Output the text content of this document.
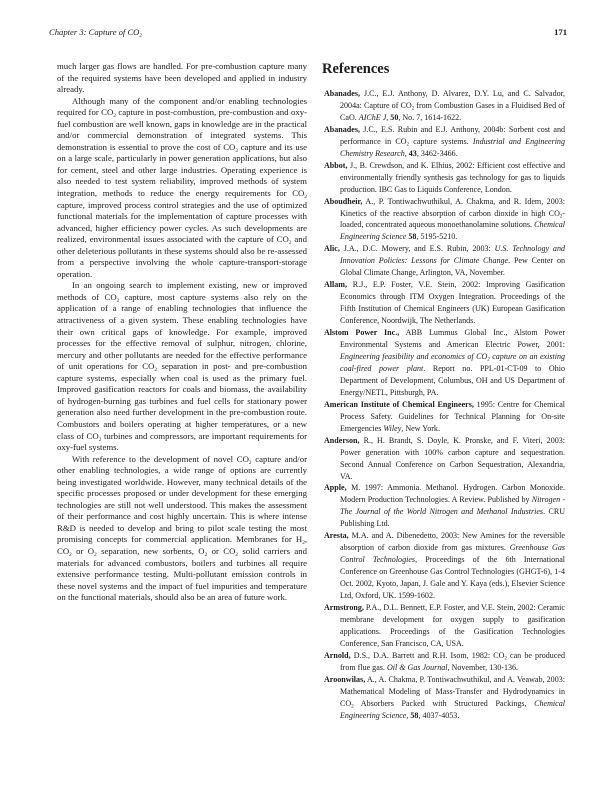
Chapter 3: Capture of $CO_2$	171

much larger gas flows are handled. For pre-combustion capture many of the required systems have been developed and applied in industry already.

Although many of the component and/or enabling technologies required for $CO_2$ capture in post-combustion, pre-combustion and oxy-fuel combustion are well known, gaps in knowledge are in the practical and/or commercial demonstration of integrated systems. This demonstration is essential to prove the cost of $CO_2$ capture and its use on a large scale, particularly in power generation applications, but also for cement, steel and other large industries. Operating experience is also needed to test system reliability, improved methods of system integration, methods to reduce the energy requirements for $CO_2$ capture, improved process control strategies and the use of optimized functional materials for the implementation of capture processes with advanced, higher efficiency power cycles. As such developments are realized, environmental issues associated with the capture of $CO_2$ and other deleterious pollutants in these systems should also be re-assessed from a perspective involving the whole capture-transport-storage operation.

In an ongoing search to implement existing, new or improved methods of $CO_2$ capture, most capture systems also rely on the application of a range of enabling technologies that influence the attractiveness of a given system. These enabling technologies have their own critical gaps of knowledge. For example, improved processes for the effective removal of sulphur, nitrogen, chlorine, mercury and other pollutants are needed for the effective performance of unit operations for $CO_2$ separation in post- and pre-combustion capture systems, especially when coal is used as the primary fuel. Improved gasification reactors for coals and biomass, the availability of hydrogen-burning gas turbines and fuel cells for stationary power generation also need further development in the pre-combustion route. Combustors and boilers operating at higher temperatures, or a new class of $CO_2$ turbines and compressors, are important requirements for oxy-fuel systems.

With reference to the development of novel $CO_2$ capture and/or other enabling technologies, a wide range of options are currently being investigated worldwide. However, many technical details of the specific processes proposed or under development for these emerging technologies are still not well understood. This makes the assessment of their performance and cost highly uncertain. This is where intense R&D is needed to develop and bring to pilot scale testing the most promising concepts for commercial application. Membranes for $H_2$, $CO_2$ or $O_2$ separation, new sorbents, $O_2$ or $CO_2$ solid carriers and materials for advanced combustors, boilers and turbines all require extensive performance testing. Multi-pollutant emission controls in these novel systems and the impact of fuel impurities and temperature on the functional materials, should also be an area of future work.

References
Abanades, J.C., E.J. Anthony, D. Alvarez, D.Y. Lu, and C. Salvador, 2004a: Capture of $CO_2$ from Combustion Gases in a Fluidised Bed of CaO. AIChE J, 50, No. 7, 1614-1622.
Abanades, J.C., E.S. Rubin and E.J. Anthony, 2004b: Sorbent cost and performance in $CO_2$ capture systems. Industrial and Engineering Chemistry Research, 43, 3462-3466.
Abbot, J., B. Crewdson, and K. Elhius, 2002: Efficient cost effective and environmentally friendly synthesis gas technology for gas to liquids production. IBC Gas to Liquids Conference, London.
Aboudheir, A., P. Tontiwachwuthikul, A. Chakma, and R. Idem, 2003: Kinetics of the reactive absorption of carbon dioxide in high $CO_2$-loaded, concentrated aqueous monoethanolamine solutions. Chemical Engineering Science 58, 5195-5210.
Alic, J.A., D.C. Mowery, and E.S. Rubin, 2003: U.S. Technology and Innovation Policies: Lessons for Climate Change. Pew Center on Global Climate Change, Arlington, VA, November.
Allam, R.J., E.P. Foster, V.E. Stein, 2002: Improving Gasification Economics through ITM Oxygen Integration. Proceedings of the Fifth Institution of Chemical Engineers (UK) European Gasification Conference, Noordwijk, The Netherlands.
Alstom Power Inc., ABB Lummus Global Inc., Alstom Power Environmental Systems and American Electric Power, 2001: Engineering feasibility and economics of $CO_2$ capture on an existing coal-fired power plant. Report no. PPL-01-CT-09 to Ohio Department of Development, Columbus, OH and US Department of Energy/NETL, Pittsburgh, PA.
American Institute of Chemical Engineers, 1995: Centre for Chemical Process Safety. Guidelines for Technical Planning for On-site Emergencies Wiley, New York.
Anderson, R., H. Brandt, S. Doyle, K. Pronske, and F. Viteri, 2003: Power generation with 100% carbon capture and sequestration. Second Annual Conference on Carbon Sequestration, Alexandria, VA.
Apple, M. 1997: Ammonia. Methanol. Hydrogen. Carbon Monoxide. Modern Production Technologies. A Review. Published by Nitrogen - The Journal of the World Nitrogen and Methanol Industries. CRU Publishing Ltd.
Aresta, M.A. and A. Dibenedetto, 2003: New Amines for the reversible absorption of carbon dioxide from gas mixtures. Greenhouse Gas Control Technologies, Proceedings of the 6th International Conference on Greenhouse Gas Control Technologies (GHGT-6), 1-4 Oct. 2002, Kyoto, Japan, J. Gale and Y. Kaya (eds.), Elsevier Science Ltd, Oxford, UK. 1599-1602.
Armstrong, P.A., D.L. Bennett, E.P. Foster, and V.E. Stein, 2002: Ceramic membrane development for oxygen supply to gasification applications. Proceedings of the Gasification Technologies Conference, San Francisco, CA, USA.
Arnold, D.S., D.A. Barrett and R.H. Isom, 1982: $CO_2$ can be produced from flue gas. Oil & Gas Journal, November, 130-136.
Aroonwilas, A., A. Chakma, P. Tontiwachwuthikul, and A. Veawab, 2003: Mathematical Modeling of Mass-Transfer and Hydrodynamics in $CO_2$ Absorbers Packed with Structured Packings, Chemical Engineering Science, 58, 4037-4053.
